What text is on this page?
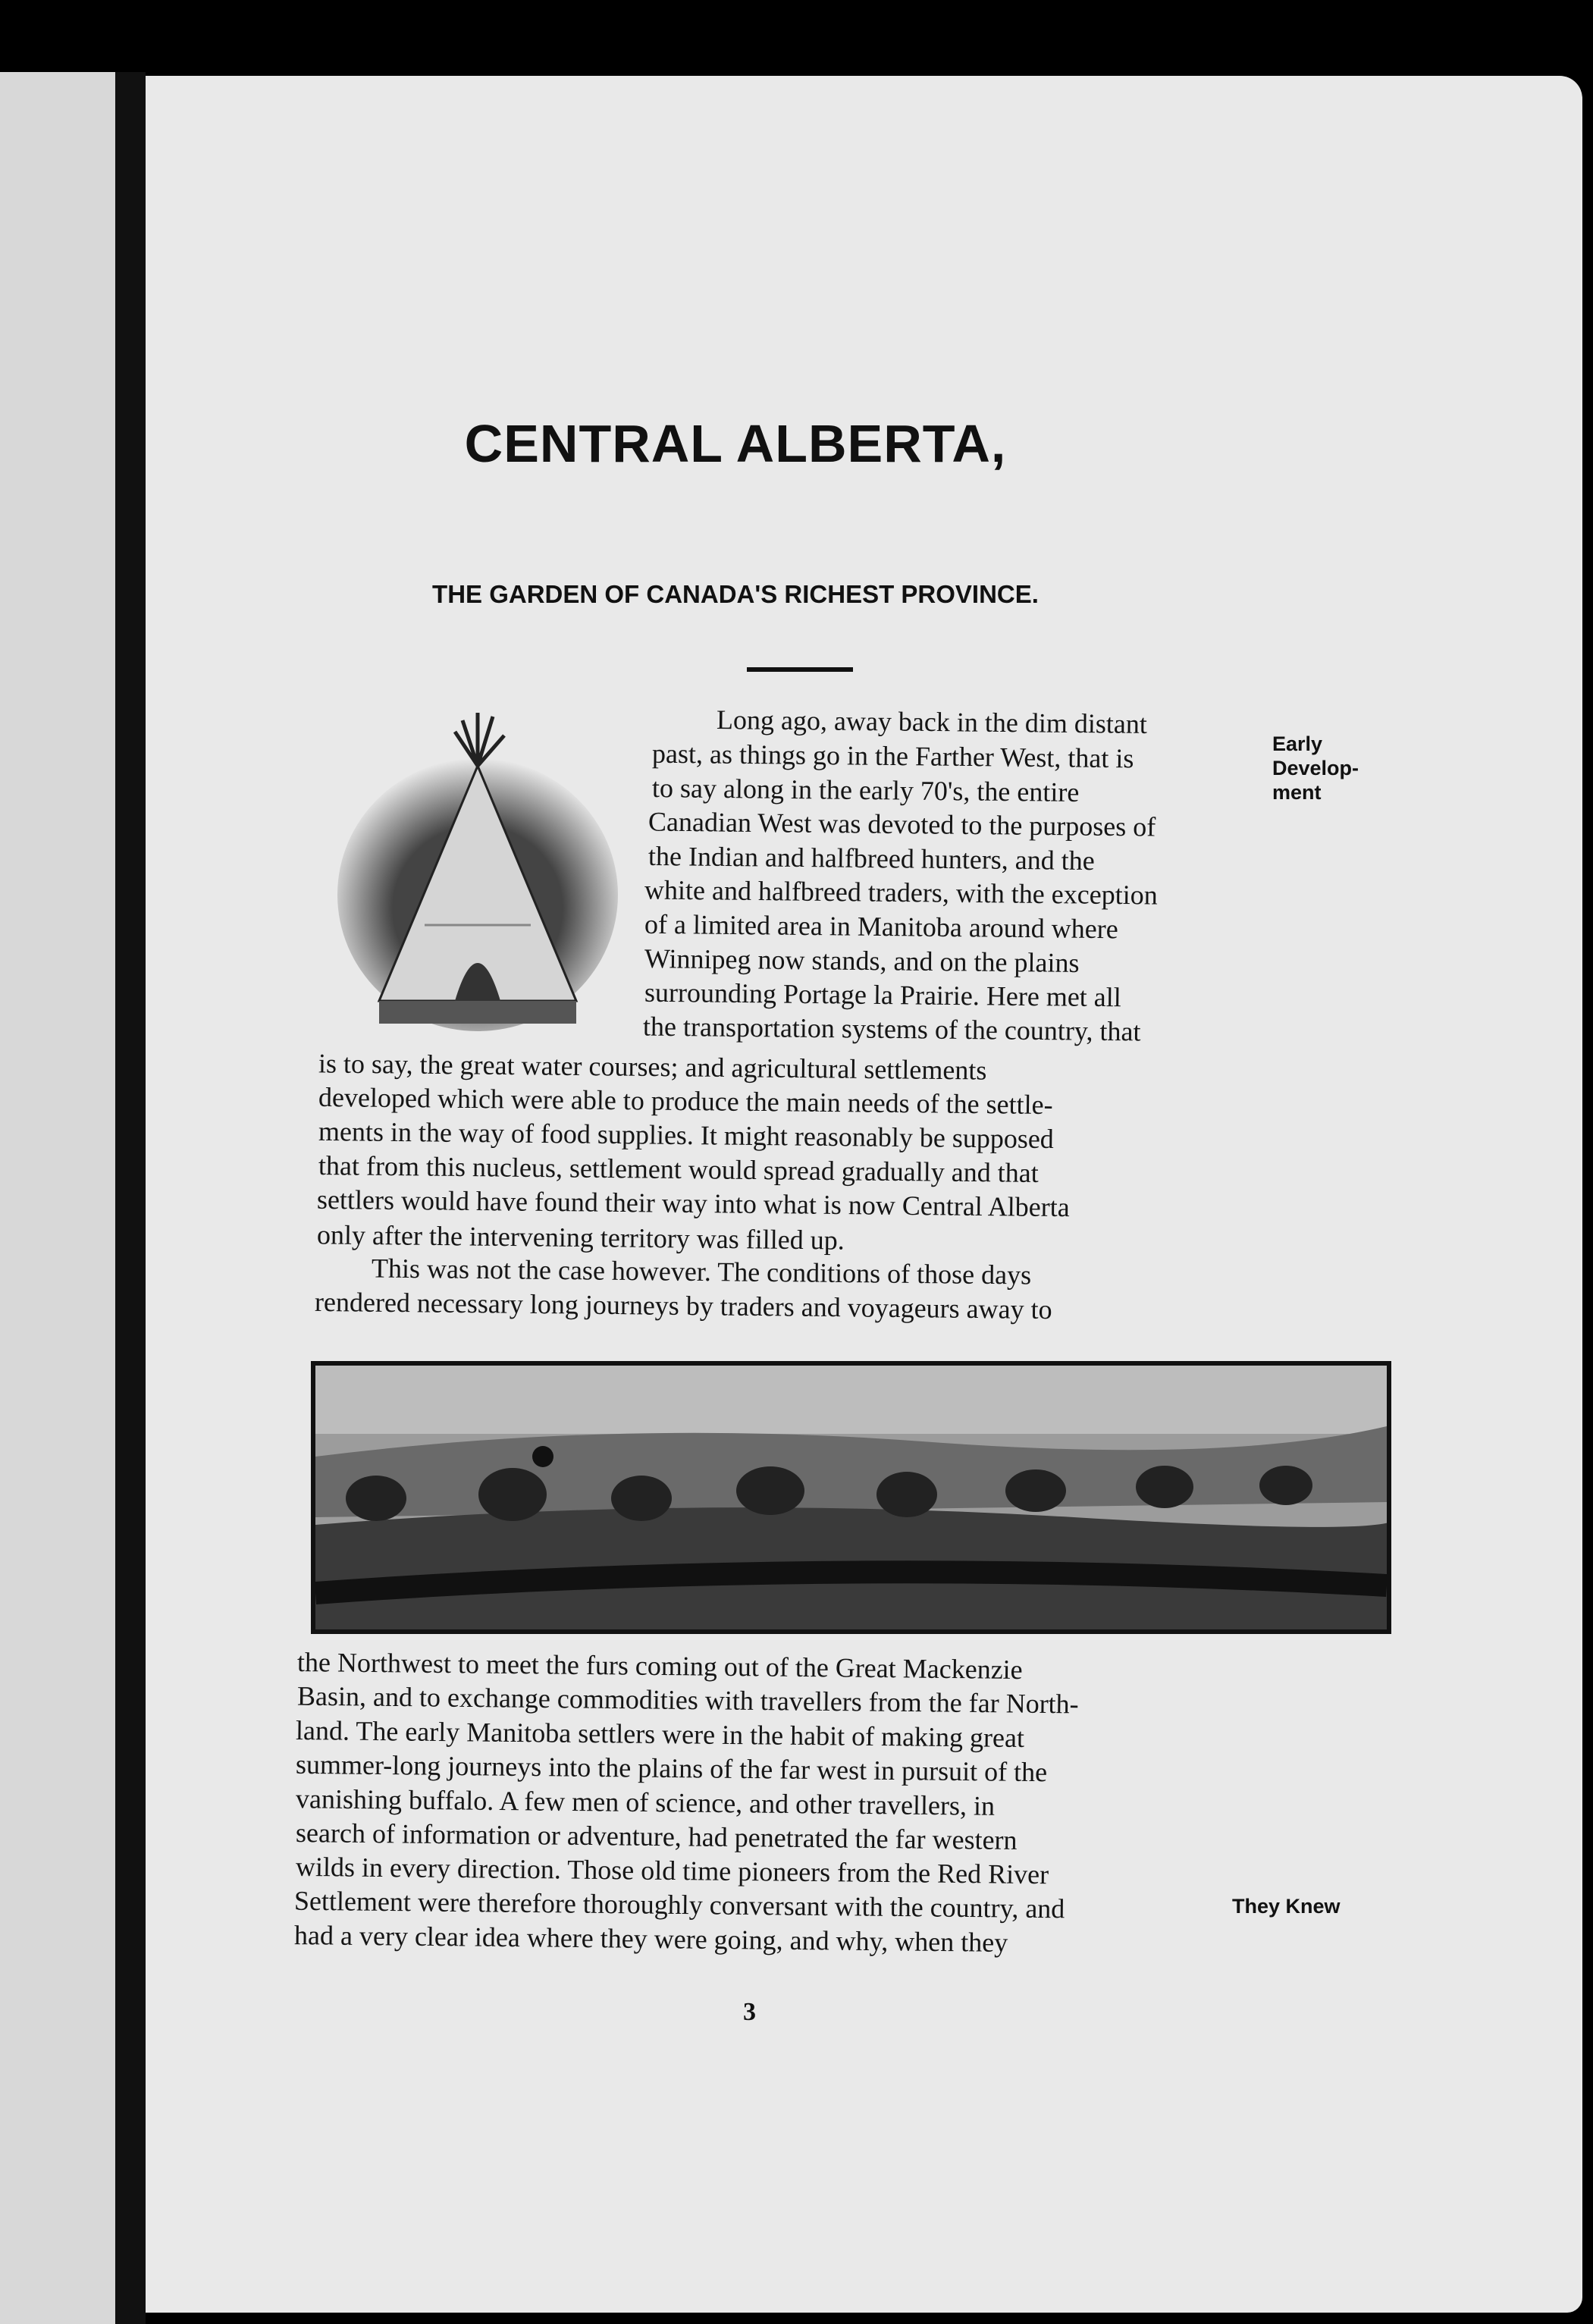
CENTRAL ALBERTA,
THE GARDEN OF CANADA'S RICHEST PROVINCE.
Long ago, away back in the dim distant
past, as things go in the Farther West, that is
to say along in the early 70's, the entire
Canadian West was devoted to the purposes of
the Indian and halfbreed hunters, and the
white and halfbreed traders, with the exception
of a limited area in Manitoba around where
Winnipeg now stands, and on the plains
surrounding Portage la Prairie. Here met all
the transportation systems of the country, that
is to say, the great water courses; and agricultural settlements
developed which were able to produce the main needs of the settle-
ments in the way of food supplies. It might reasonably be supposed
that from this nucleus, settlement would spread gradually and that
settlers would have found their way into what is now Central Alberta
only after the intervening territory was filled up.
This was not the case however. The conditions of those days
rendered necessary long journeys by traders and voyageurs away to
the Northwest to meet the furs coming out of the Great Mackenzie
Basin, and to exchange commodities with travellers from the far North-
land. The early Manitoba settlers were in the habit of making great
summer-long journeys into the plains of the far west in pursuit of the
vanishing buffalo. A few men of science, and other travellers, in
search of information or adventure, had penetrated the far western
wilds in every direction. Those old time pioneers from the Red River
Settlement were therefore thoroughly conversant with the country, and
had a very clear idea where they were going, and why, when they
Early
Develop-
ment
They Knew
3
